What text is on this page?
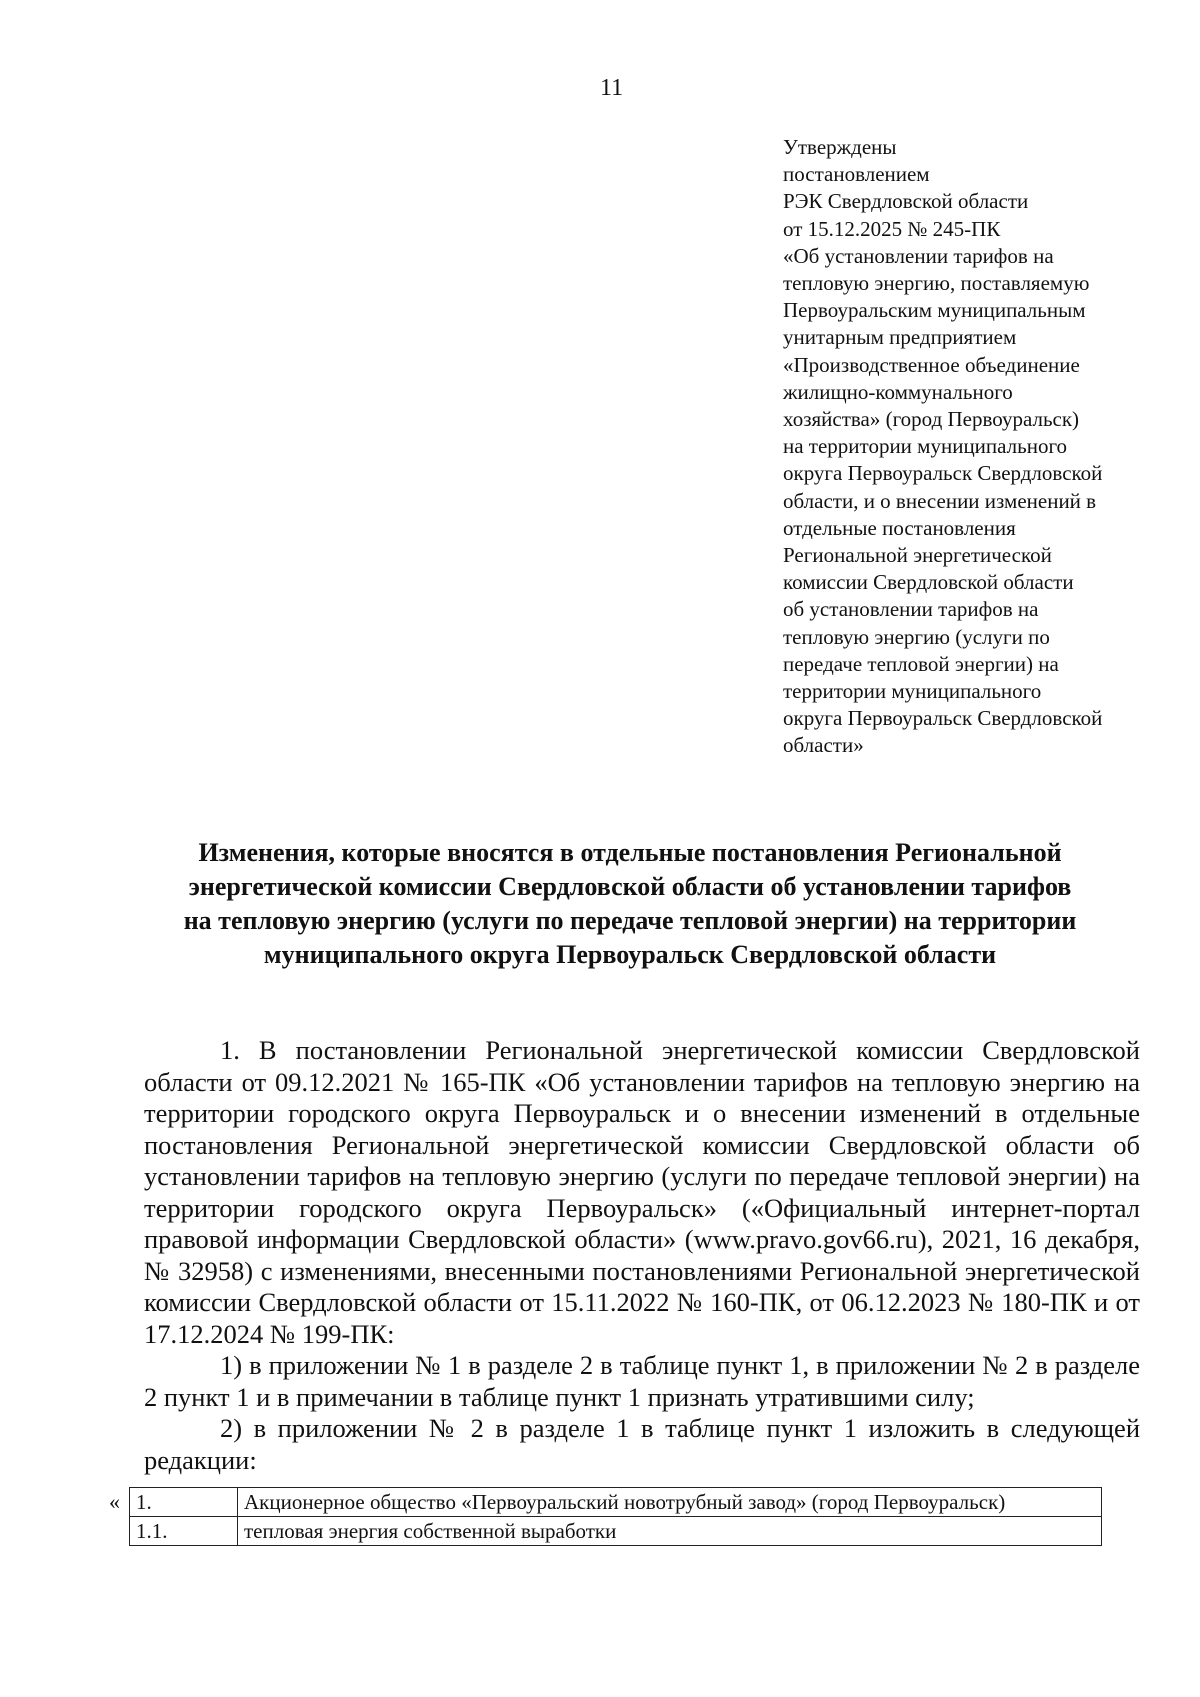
11
Утверждены
постановлением
РЭК Свердловской области
от 15.12.2025 № 245-ПК
«Об установлении тарифов на
тепловую энергию, поставляемую
Первоуральским муниципальным
унитарным предприятием
«Производственное объединение
жилищно-коммунального
хозяйства» (город Первоуральск)
на территории муниципального
округа Первоуральск Свердловской
области, и о внесении изменений в
отдельные постановления
Региональной энергетической
комиссии Свердловской области
об установлении тарифов на
тепловую энергию (услуги по
передаче тепловой энергии) на
территории муниципального
округа Первоуральск Свердловской
области»
Изменения, которые вносятся в отдельные постановления Региональной
энергетической комиссии Свердловской области об установлении тарифов
на тепловую энергию (услуги по передаче тепловой энергии) на территории
муниципального округа Первоуральск Свердловской области

1. В постановлении Региональной энергетической комиссии Свердловской области от 09.12.2021 № 165-ПК «Об установлении тарифов на тепловую энергию на территории городского округа Первоуральск и о внесении изменений в отдельные постановления Региональной энергетической комиссии Свердловской области об установлении тарифов на тепловую энергию (услуги по передаче тепловой энергии) на территории городского округа Первоуральск» («Официальный интернет-портал правовой информации Свердловской области» (www.pravo.gov66.ru), 2021, 16 декабря, № 32958) с изменениями, внесенными постановлениями Региональной энергетической комиссии Свердловской области от 15.11.2022 № 160-ПК, от 06.12.2023 № 180-ПК и от 17.12.2024 № 199-ПК:

1) в приложении № 1 в разделе 2 в таблице пункт 1, в приложении № 2 в разделе 2 пункт 1 и в примечании в таблице пункт 1 признать утратившими силу;

2) в приложении № 2 в разделе 1 в таблице пункт 1 изложить в следующей редакции:

« 1.	Акционерное общество «Первоуральский новотрубный завод» (город Первоуральск)
1.1.	тепловая энергия собственной выработки
